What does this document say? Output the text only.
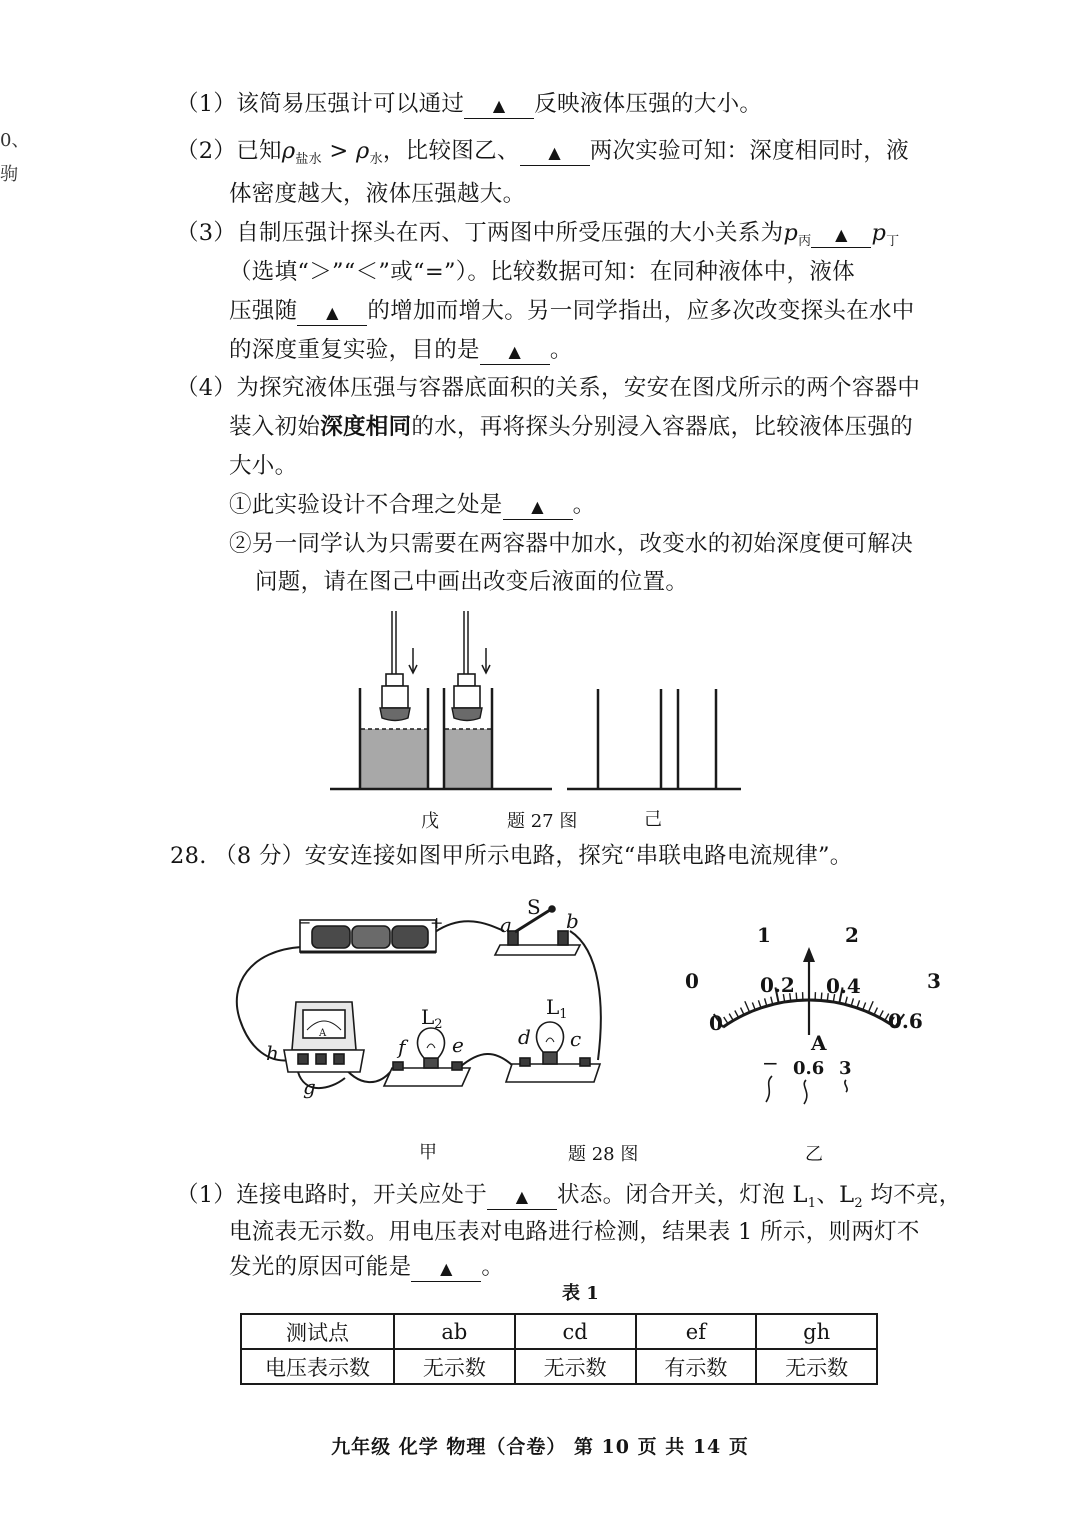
0、
驹
（1）该简易压强计可以通过 ▲ 反映液体压强的大小。
（2）已知$\rho_{盐水} > \rho_水$，比较图乙、 ▲ 两次实验可知：深度相同时，液
体密度越大，液体压强越大。
（3）自制压强计探头在丙、丁两图中所受压强的大小关系为$p_丙$ ▲ $p_丁$
（选填“＞”“＜”或“=”）。比较数据可知：在同种液体中，液体
压强随 ▲ 的增加而增大。另一同学指出，应多次改变探头在水中
的深度重复实验，目的是 ▲ 。
（4）为探究液体压强与容器底面积的关系，安安在图戊所示的两个容器中
装入初始深度相同的水，再将探头分别浸入容器底，比较液体压强的
大小。
①此实验设计不合理之处是 ▲ 。
②另一同学认为只需要在两容器中加水，改变水的初始深度便可解决
问题，请在图己中画出改变后液面的位置。
戊	题 27 图	己
28. （8 分）安安连接如图甲所示电路，探究“串联电路电流规律”。
−	+	a
S
b
h
g
f e	d c
$L_2$
$L_1$
A
0
1	2
3
0
0.2 0.4
0.6
A
− 0.6 3
甲	题 28 图	乙
（1）连接电路时，开关应处于 ▲ 状态。闭合开关，灯泡 $L_1$、$L_2$ 均不亮，
电流表无示数。用电压表对电路进行检测，结果表 1 所示，则两灯不
发光的原因可能是 ▲ 。
表 1
测试点	ab	cd	ef	gh
电压表示数	无示数	无示数	有示数	无示数
九年级 化学 物理（合卷） 第 10 页 共 14 页
